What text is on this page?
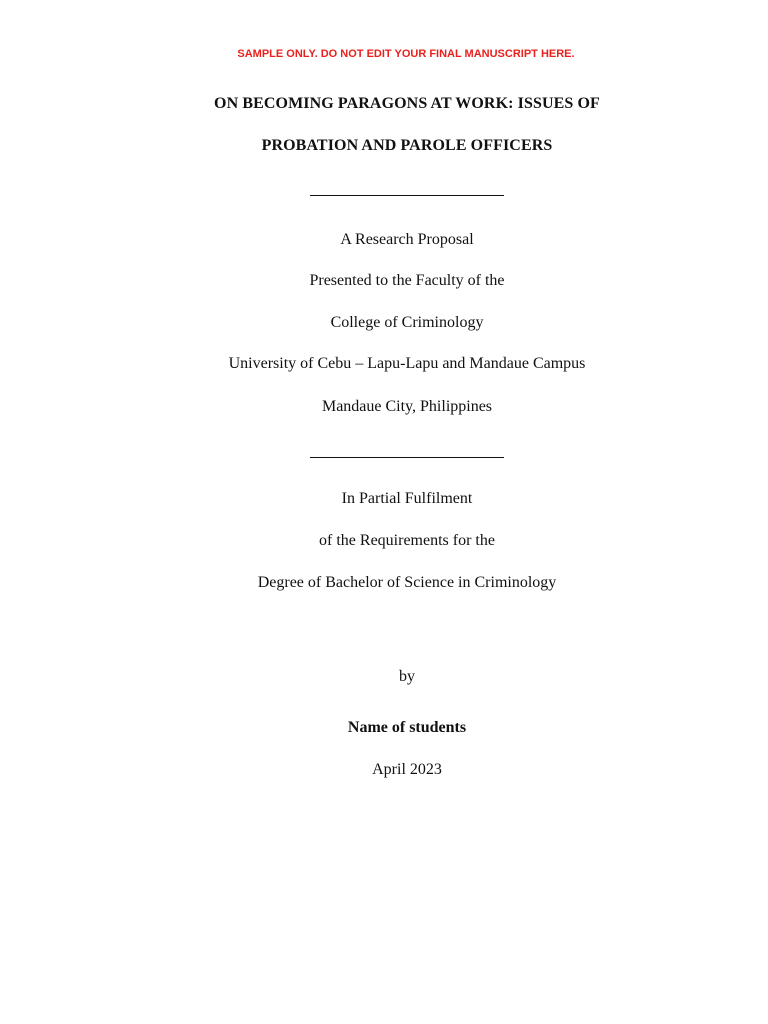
SAMPLE ONLY. DO NOT EDIT YOUR FINAL MANUSCRIPT HERE.
ON BECOMING PARAGONS AT WORK: ISSUES OF
PROBATION AND PAROLE OFFICERS
A Research Proposal
Presented to the Faculty of the
College of Criminology
University of Cebu – Lapu-Lapu and Mandaue Campus
Mandaue City, Philippines
In Partial Fulfilment
of the Requirements for the
Degree of Bachelor of Science in Criminology
by
Name of students
April 2023
